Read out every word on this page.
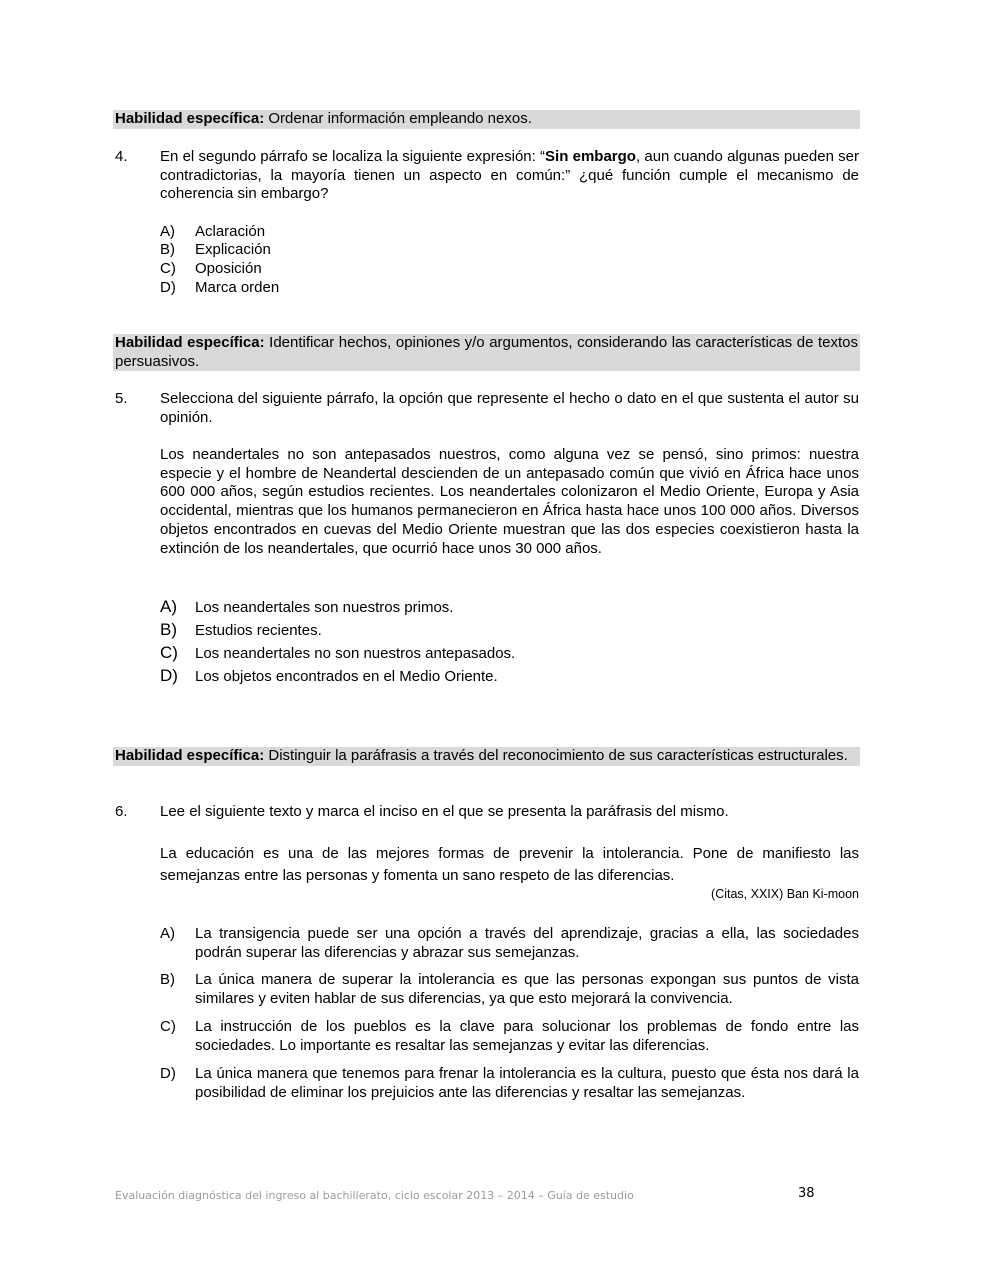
Habilidad específica: Ordenar información empleando nexos.
4. En el segundo párrafo se localiza la siguiente expresión: “Sin embargo, aun cuando algunas pueden ser contradictorias, la mayoría tienen un aspecto en común:” ¿qué función cumple el mecanismo de coherencia sin embargo?
A) Aclaración
B) Explicación
C) Oposición
D) Marca orden
Habilidad específica: Identificar hechos, opiniones y/o argumentos, considerando las características de textos persuasivos.
5. Selecciona del siguiente párrafo, la opción que represente el hecho o dato en el que sustenta el autor su opinión.
Los neandertales no son antepasados nuestros, como alguna vez se pensó, sino primos: nuestra especie y el hombre de Neandertal descienden de un antepasado común que vivió en África hace unos 600 000 años, según estudios recientes. Los neandertales colonizaron el Medio Oriente, Europa y Asia occidental, mientras que los humanos permanecieron en África hasta hace unos 100 000 años. Diversos objetos encontrados en cuevas del Medio Oriente muestran que las dos especies coexistieron hasta la extinción de los neandertales, que ocurrió hace unos 30 000 años.
A) Los neandertales son nuestros primos.
B) Estudios recientes.
C) Los neandertales no son nuestros antepasados.
D) Los objetos encontrados en el Medio Oriente.
Habilidad específica: Distinguir la paráfrasis a través del reconocimiento de sus características estructurales.
6. Lee el siguiente texto y marca el inciso en el que se presenta la paráfrasis del mismo.
La educación es una de las mejores formas de prevenir la intolerancia. Pone de manifiesto las semejanzas entre las personas y fomenta un sano respeto de las diferencias.
(Citas, XXIX) Ban Ki-moon
A) La transigencia puede ser una opción a través del aprendizaje, gracias a ella, las sociedades podrán superar las diferencias y abrazar sus semejanzas.
B) La única manera de superar la intolerancia es que las personas expongan sus puntos de vista similares y eviten hablar de sus diferencias, ya que esto mejorará la convivencia.
C) La instrucción de los pueblos es la clave para solucionar los problemas de fondo entre las sociedades. Lo importante es resaltar las semejanzas y evitar las diferencias.
D) La única manera que tenemos para frenar la intolerancia es la cultura, puesto que ésta nos dará la posibilidad de eliminar los prejuicios ante las diferencias y resaltar las semejanzas.
Evaluación diagnóstica del ingreso al bachillerato, ciclo escolar 2013 – 2014 – Guía de estudio	38
